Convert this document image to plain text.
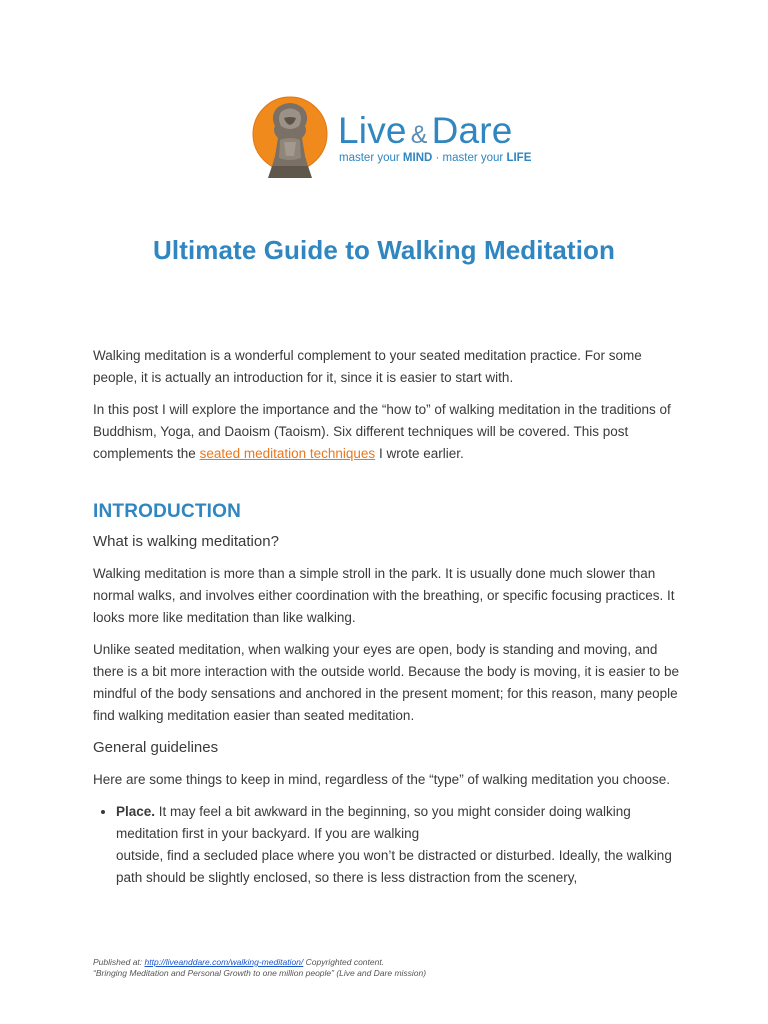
Live & Dare
master your MIND · master your LIFE
Ultimate Guide to Walking Meditation

Walking meditation is a wonderful complement to your seated meditation practice. For some people, it is actually an introduction for it, since it is easier to start with.

In this post I will explore the importance and the “how to” of walking meditation in the traditions of Buddhism, Yoga, and Daoism (Taoism). Six different techniques will be covered. This post complements the seated meditation techniques I wrote earlier.

INTRODUCTION
What is walking meditation?

Walking meditation is more than a simple stroll in the park. It is usually done much slower than normal walks, and involves either coordination with the breathing, or specific focusing practices. It looks more like meditation than like walking.

Unlike seated meditation, when walking your eyes are open, body is standing and moving, and there is a bit more interaction with the outside world. Because the body is moving, it is easier to be mindful of the body sensations and anchored in the present moment; for this reason, many people find walking meditation easier than seated meditation.

General guidelines

Here are some things to keep in mind, regardless of the “type” of walking meditation you choose.

• Place. It may feel a bit awkward in the beginning, so you might consider doing walking meditation first in your backyard. If you are walking
outside, find a secluded place where you won’t be distracted or disturbed. Ideally, the walking path should be slightly enclosed, so there is less distraction from the scenery,
Published at: http://liveanddare.com/walking-meditation/ Copyrighted content.
“Bringing Meditation and Personal Growth to one million people” (Live and Dare mission)
